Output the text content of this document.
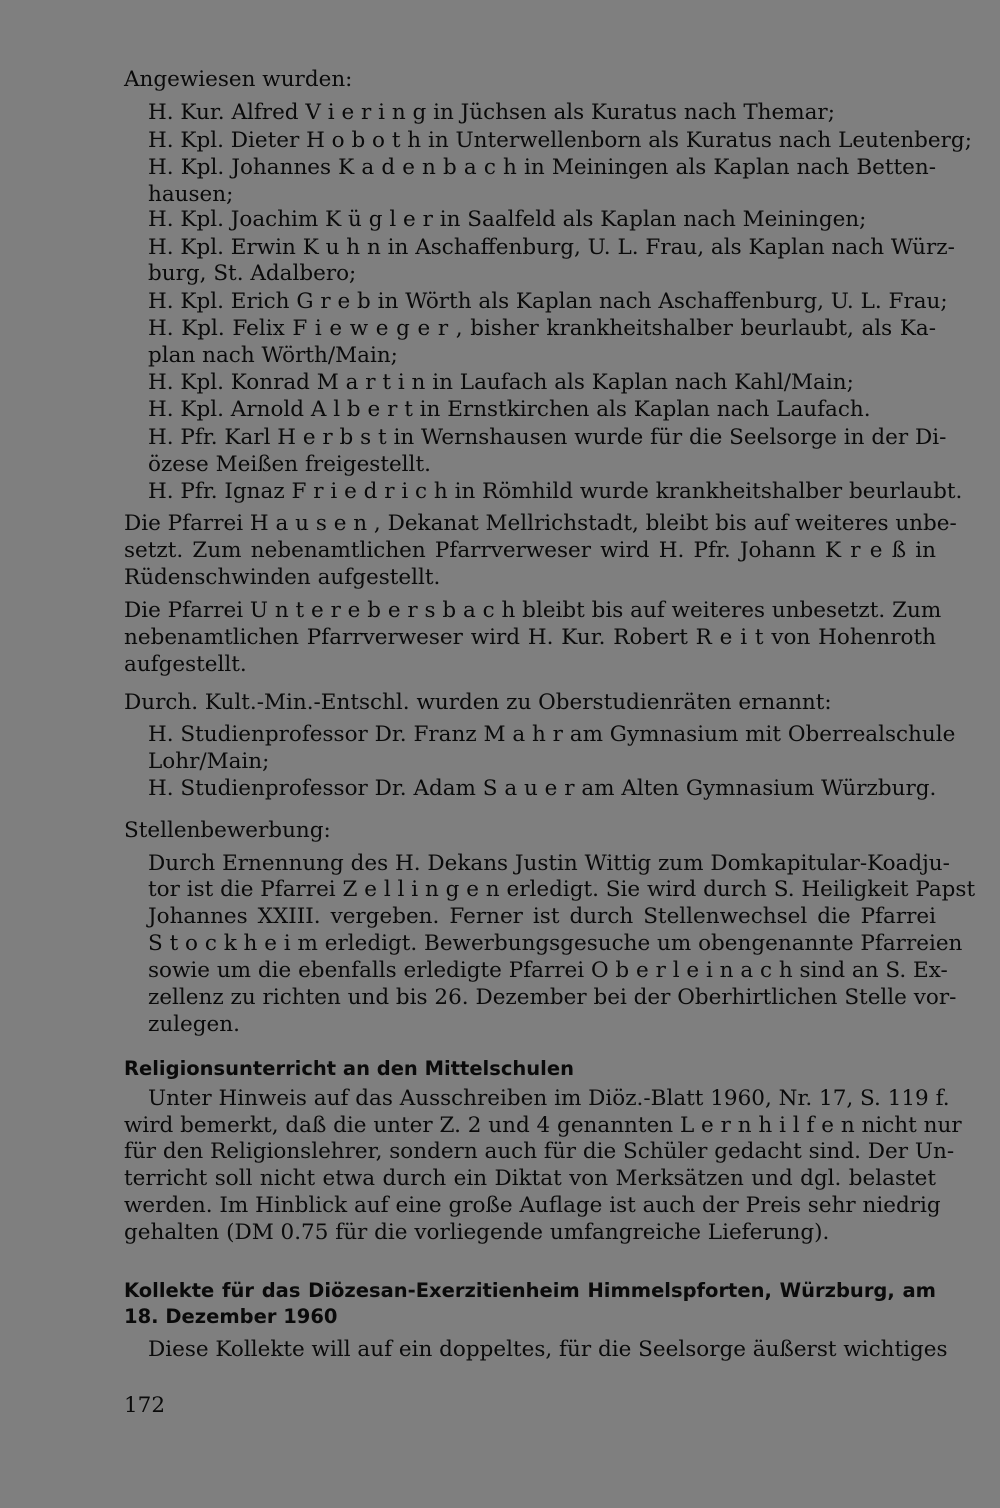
Angewiesen wurden:
H. Kur. Alfred V i e r i n g in Jüchsen als Kuratus nach Themar;
H. Kpl. Dieter H o b o t h in Unterwellenborn als Kuratus nach Leutenberg;
H. Kpl. Johannes K a d e n b a c h in Meiningen als Kaplan nach Betten-
hausen;
H. Kpl. Joachim K ü g l e r in Saalfeld als Kaplan nach Meiningen;
H. Kpl. Erwin K u h n in Aschaffenburg, U. L. Frau, als Kaplan nach Würz-
burg, St. Adalbero;
H. Kpl. Erich G r e b in Wörth als Kaplan nach Aschaffenburg, U. L. Frau;
H. Kpl. Felix F i e w e g e r , bisher krankheitshalber beurlaubt, als Ka-
plan nach Wörth/Main;
H. Kpl. Konrad M a r t i n in Laufach als Kaplan nach Kahl/Main;
H. Kpl. Arnold A l b e r t in Ernstkirchen als Kaplan nach Laufach.
H. Pfr. Karl H e r b s t in Wernshausen wurde für die Seelsorge in der Di-
özese Meißen freigestellt.
H. Pfr. Ignaz F r i e d r i c h in Römhild wurde krankheitshalber beurlaubt.
Die Pfarrei H a u s e n , Dekanat Mellrichstadt, bleibt bis auf weiteres unbe-
setzt. Zum nebenamtlichen Pfarrverweser wird H. Pfr. Johann K r e ß in
Rüdenschwinden aufgestellt.
Die Pfarrei U n t e r e b e r s b a c h bleibt bis auf weiteres unbesetzt. Zum
nebenamtlichen Pfarrverweser wird H. Kur. Robert R e i t von Hohenroth
aufgestellt.
Durch. Kult.-Min.-Entschl. wurden zu Oberstudienräten ernannt:
H. Studienprofessor Dr. Franz M a h r am Gymnasium mit Oberrealschule
Lohr/Main;
H. Studienprofessor Dr. Adam S a u e r am Alten Gymnasium Würzburg.
Stellenbewerbung:
Durch Ernennung des H. Dekans Justin Wittig zum Domkapitular-Koadju-
tor ist die Pfarrei Z e l l i n g e n erledigt. Sie wird durch S. Heiligkeit Papst
Johannes XXIII. vergeben. Ferner ist durch Stellenwechsel die Pfarrei
S t o c k h e i m erledigt. Bewerbungsgesuche um obengenannte Pfarreien
sowie um die ebenfalls erledigte Pfarrei O b e r l e i n a c h sind an S. Ex-
zellenz zu richten und bis 26. Dezember bei der Oberhirtlichen Stelle vor-
zulegen.
Religionsunterricht an den Mittelschulen
Unter Hinweis auf das Ausschreiben im Diöz.-Blatt 1960, Nr. 17, S. 119 f.
wird bemerkt, daß die unter Z. 2 und 4 genannten L e r n h i l f e n nicht nur
für den Religionslehrer, sondern auch für die Schüler gedacht sind. Der Un-
terricht soll nicht etwa durch ein Diktat von Merksätzen und dgl. belastet
werden. Im Hinblick auf eine große Auflage ist auch der Preis sehr niedrig
gehalten (DM 0.75 für die vorliegende umfangreiche Lieferung).
Kollekte für das Diözesan-Exerzitienheim Himmelspforten, Würzburg, am
18. Dezember 1960
Diese Kollekte will auf ein doppeltes, für die Seelsorge äußerst wichtiges
172
